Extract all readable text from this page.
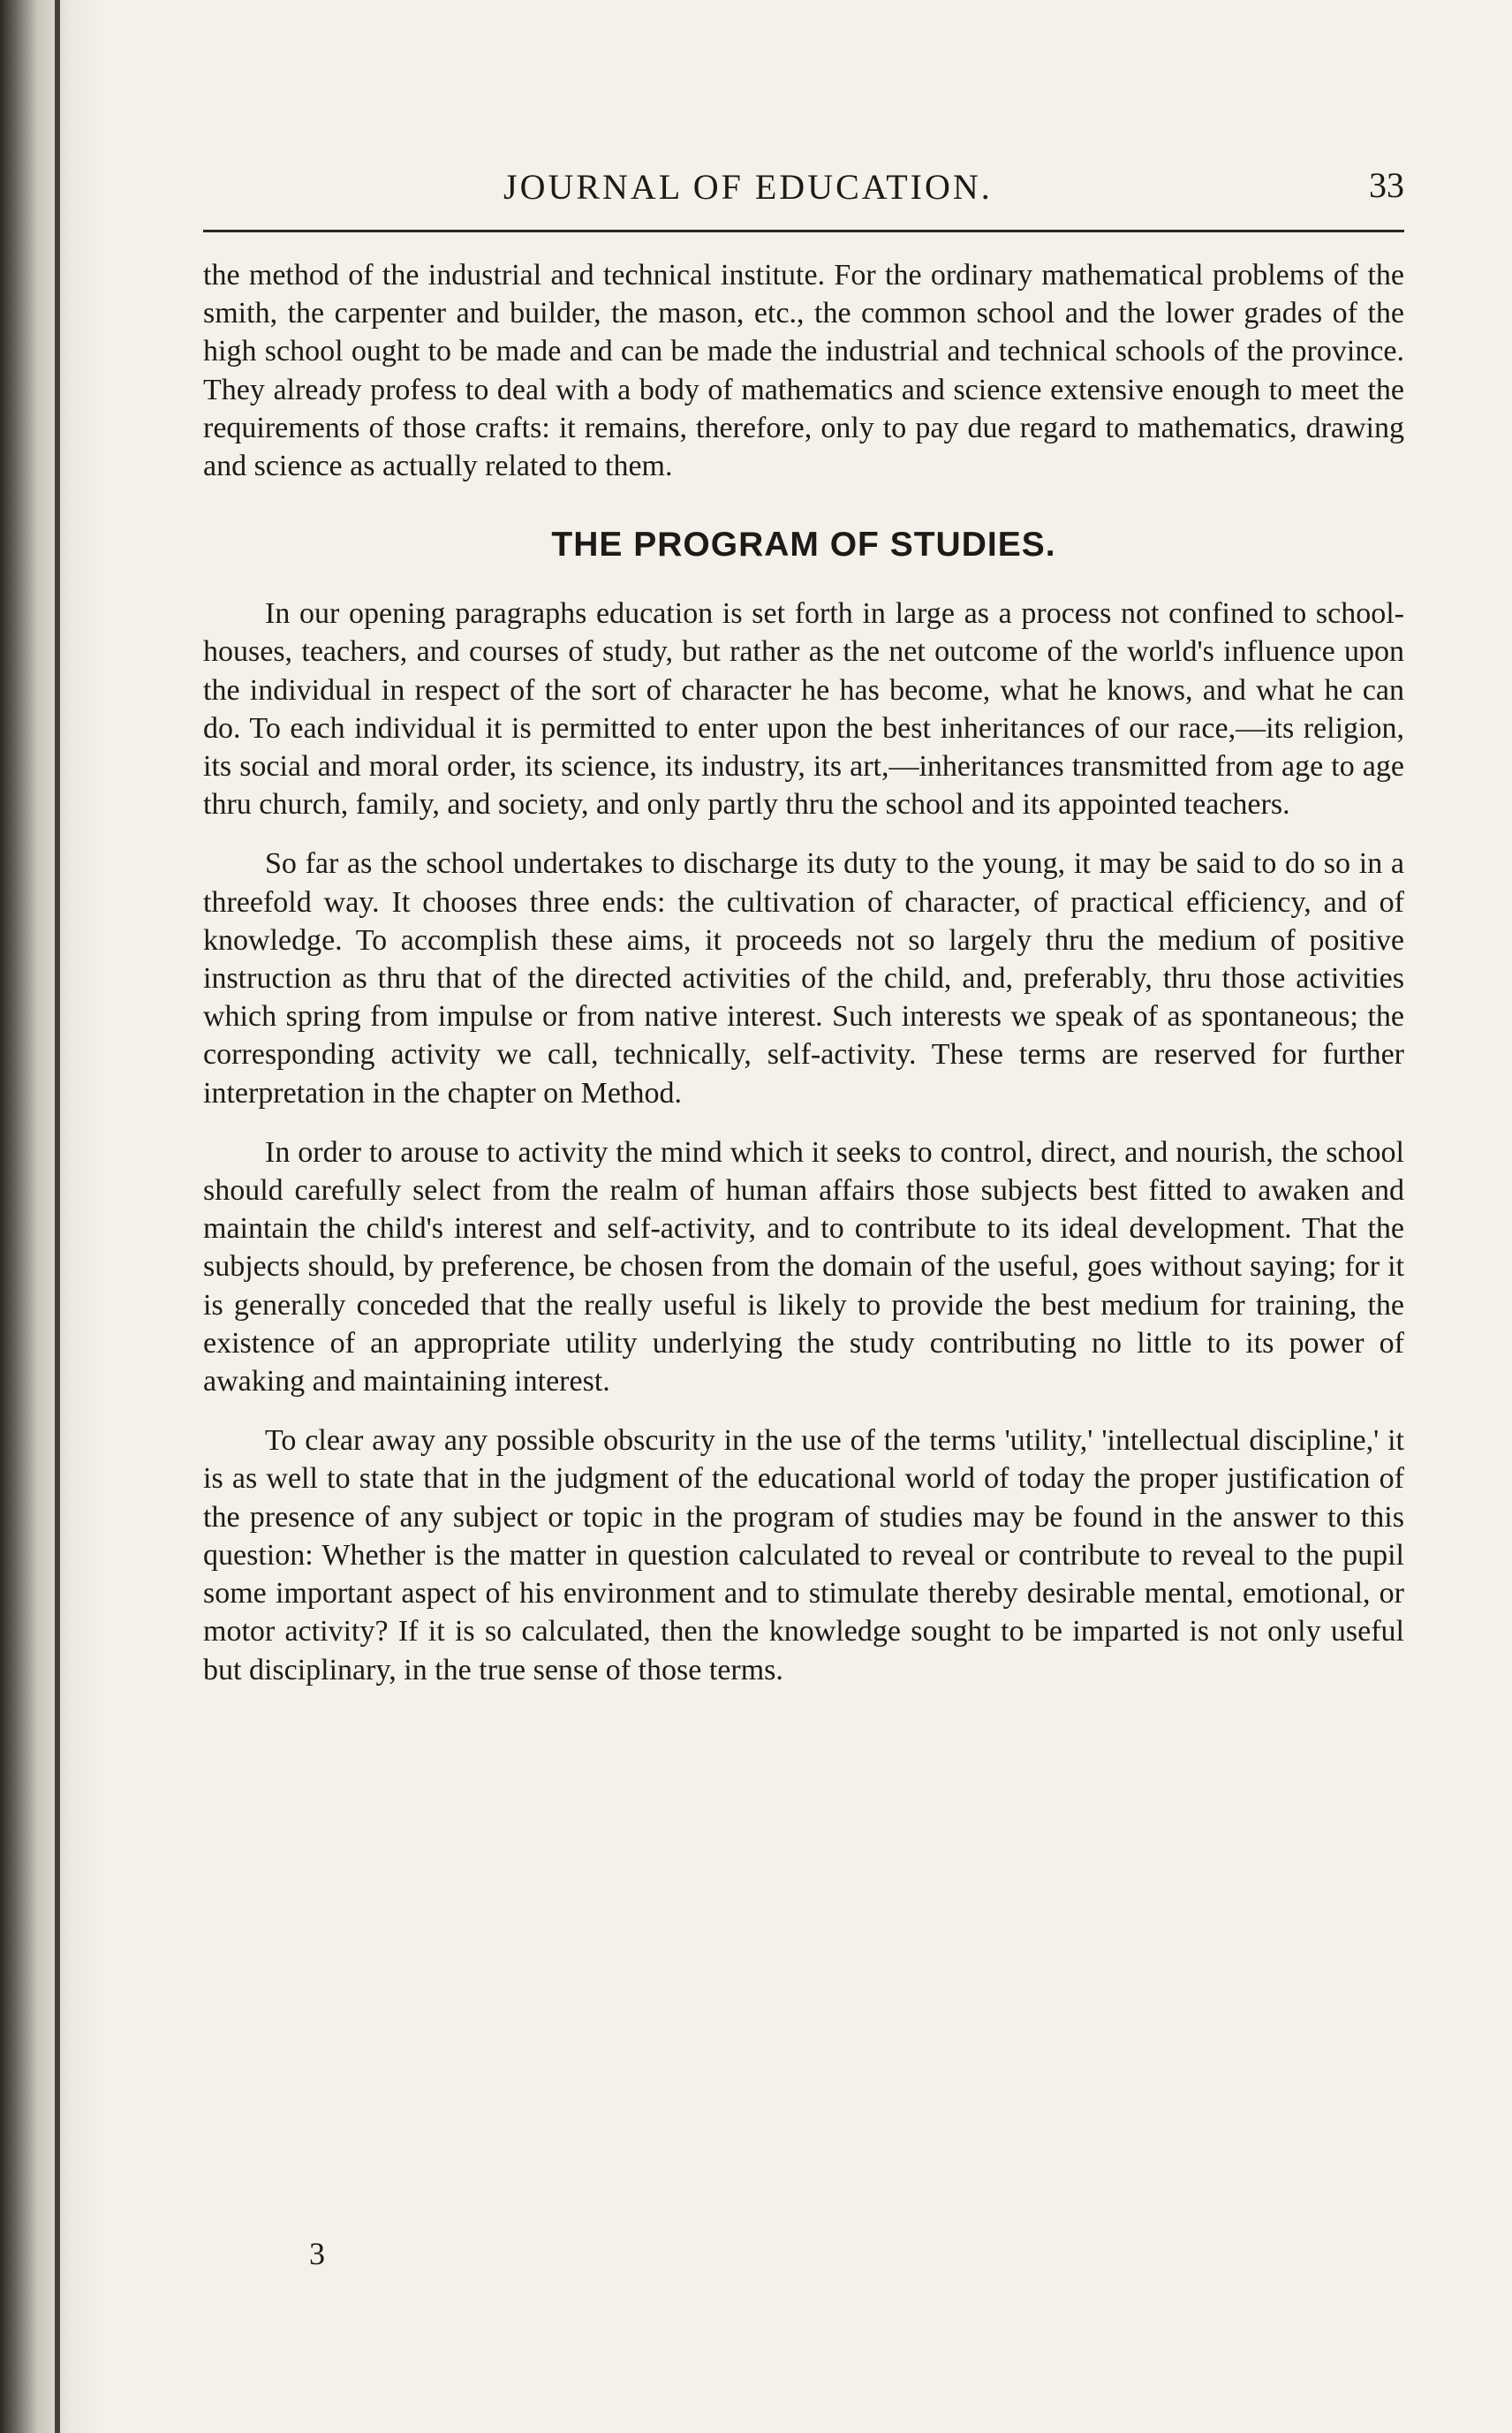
JOURNAL OF EDUCATION.	33

the method of the industrial and technical institute. For the ordinary mathematical problems of the smith, the carpenter and builder, the mason, etc., the common school and the lower grades of the high school ought to be made and can be made the industrial and technical schools of the province. They already profess to deal with a body of mathematics and science extensive enough to meet the requirements of those crafts: it remains, therefore, only to pay due regard to mathematics, drawing and science as actually related to them.

THE PROGRAM OF STUDIES.

In our opening paragraphs education is set forth in large as a process not confined to school-houses, teachers, and courses of study, but rather as the net outcome of the world's influence upon the individual in respect of the sort of character he has become, what he knows, and what he can do. To each individual it is permitted to enter upon the best inheritances of our race,—its religion, its social and moral order, its science, its industry, its art,—inheritances transmitted from age to age thru church, family, and society, and only partly thru the school and its appointed teachers.

So far as the school undertakes to discharge its duty to the young, it may be said to do so in a threefold way. It chooses three ends: the cultivation of character, of practical efficiency, and of knowledge. To accomplish these aims, it proceeds not so largely thru the medium of positive instruction as thru that of the directed activities of the child, and, preferably, thru those activities which spring from impulse or from native interest. Such interests we speak of as spontaneous; the corresponding activity we call, technically, self-activity. These terms are reserved for further interpretation in the chapter on Method.

In order to arouse to activity the mind which it seeks to control, direct, and nourish, the school should carefully select from the realm of human affairs those subjects best fitted to awaken and maintain the child's interest and self-activity, and to contribute to its ideal development. That the subjects should, by preference, be chosen from the domain of the useful, goes without saying; for it is generally conceded that the really useful is likely to provide the best medium for training, the existence of an appropriate utility underlying the study contributing no little to its power of awaking and maintaining interest.

To clear away any possible obscurity in the use of the terms 'utility,' 'intellectual discipline,' it is as well to state that in the judgment of the educational world of today the proper justification of the presence of any subject or topic in the program of studies may be found in the answer to this question: Whether is the matter in question calculated to reveal or contribute to reveal to the pupil some important aspect of his environment and to stimulate thereby desirable mental, emotional, or motor activity? If it is so calculated, then the knowledge sought to be imparted is not only useful but disciplinary, in the true sense of those terms.

3
